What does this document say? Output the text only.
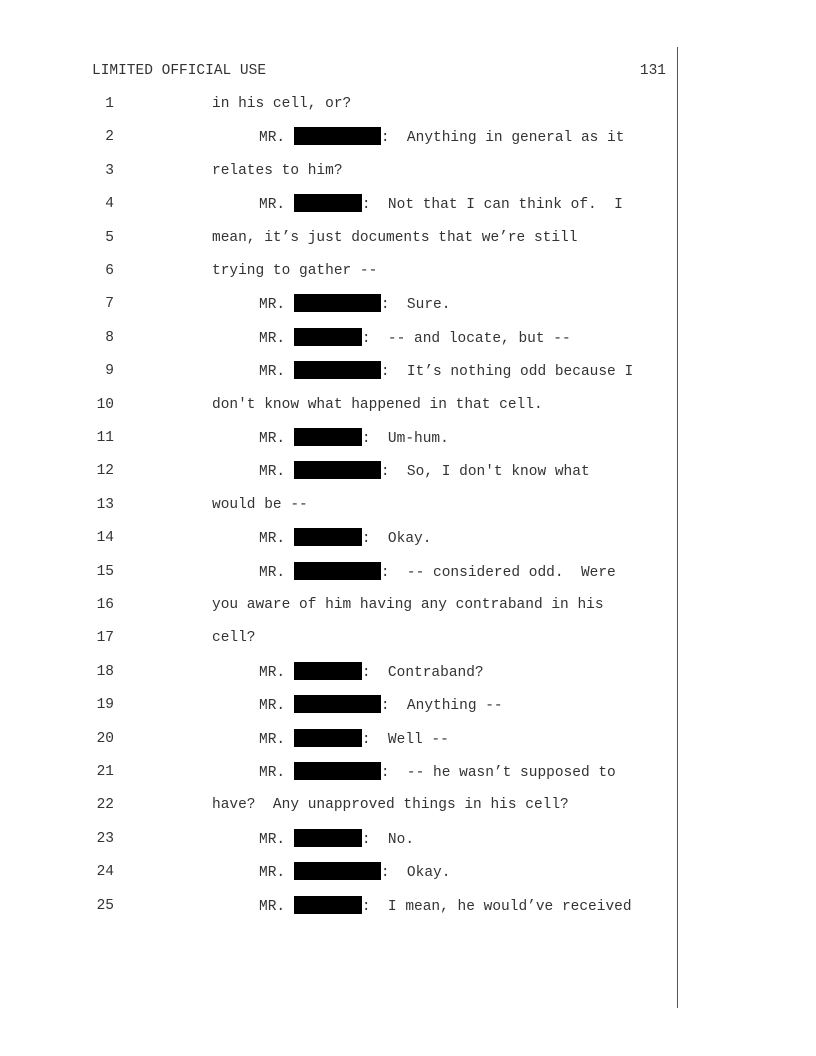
LIMITED OFFICIAL USE	131
1	in his cell, or?
2	MR.	:  Anything in general as it
3	relates to him?
4	MR.	:  Not that I can think of.  I
5	mean, it’s just documents that we’re still
6	trying to gather --
7	MR.	:  Sure.
8	MR.	:  -- and locate, but --
9	MR.	:  It’s nothing odd because I
10	don't know what happened in that cell.
11	MR.	:  Um-hum.
12	MR.	:  So, I don't know what
13	would be --
14	MR.	:  Okay.
15	MR.	:  -- considered odd.  Were
16	you aware of him having any contraband in his
17	cell?
18	MR.	:  Contraband?
19	MR.	:  Anything --
20	MR.	:  Well --
21	MR.	:  -- he wasn’t supposed to
22	have?  Any unapproved things in his cell?
23	MR.	:  No.
24	MR.	:  Okay.
25	MR.	:  I mean, he would’ve received
